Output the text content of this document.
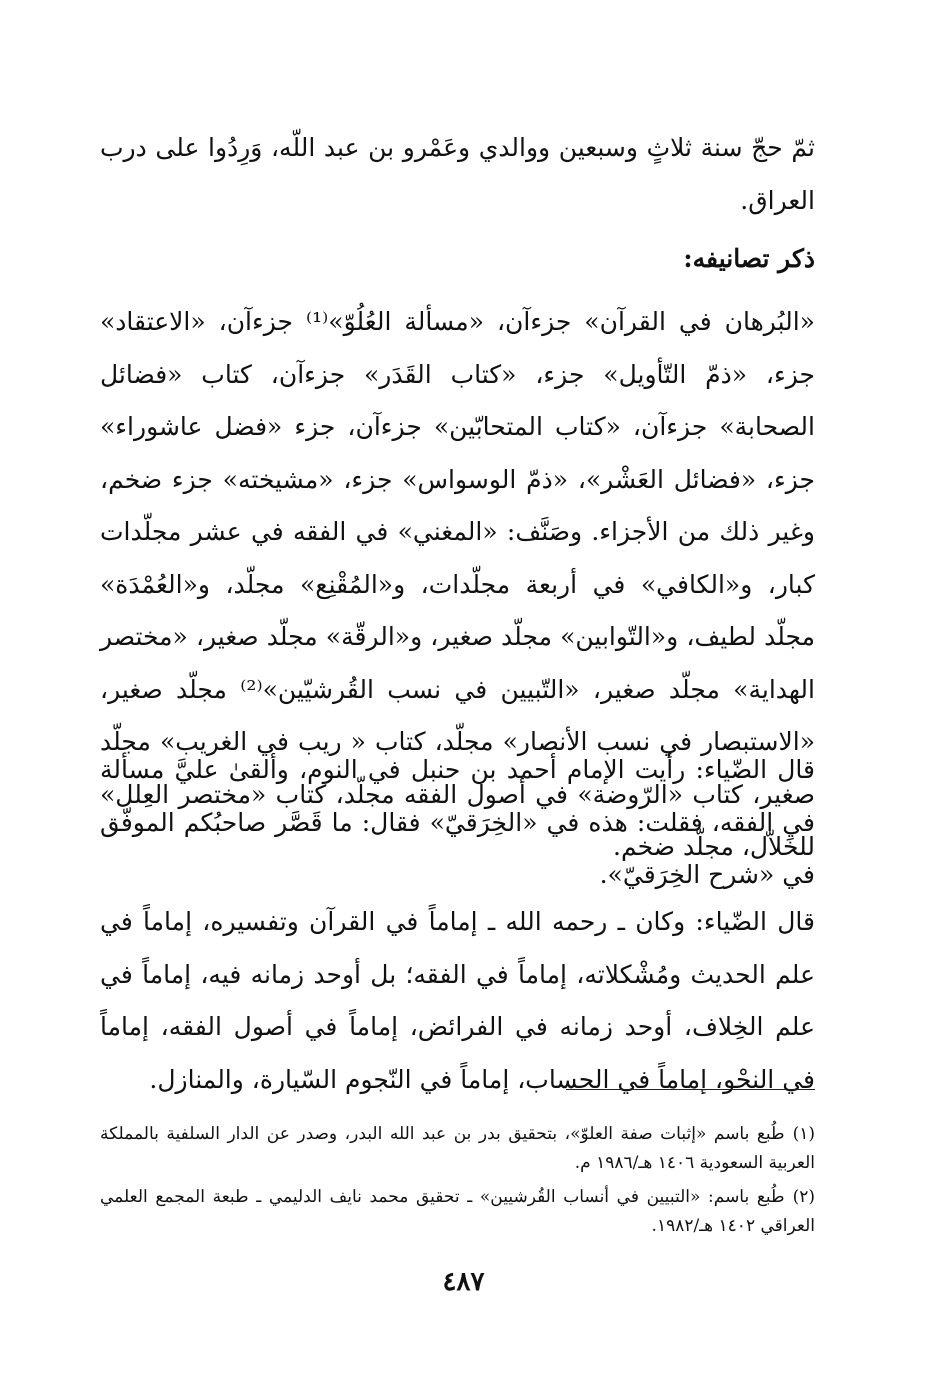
ثمّ حجّ سنة ثلاثٍ وسبعين ووالدي وعَمْرو بن عبد اللّه، وَرِدُوا على درب العراق.

ذكر تصانيفه:

«البُرهان في القرآن» جزءآن، «مسألة العُلُوّ»⁽¹⁾ جزءآن، «الاعتقاد» جزء، «ذمّ التّأويل» جزء، «كتاب القَدَر» جزءآن، كتاب «فضائل الصحابة» جزءآن، «كتاب المتحابّين» جزءآن، جزء «فضل عاشوراء» جزء، «فضائل العَشْر»، «ذمّ الوسواس» جزء، «مشيخته» جزء ضخم، وغير ذلك من الأجزاء. وصَنَّف: «المغني» في الفقه في عشر مجلّدات كبار، و«الكافي» في أربعة مجلّدات، و«المُقْنِع» مجلّد، و«العُمْدَة» مجلّد لطيف، و«التّوابين» مجلّد صغير، و«الرقّة» مجلّد صغير، «مختصر الهداية» مجلّد صغير، «التّبيين في نسب القُرشيّين»⁽²⁾ مجلّد صغير، «الاستبصار في نسب الأنصار» مجلّد، كتاب « ريب في الغريب» مجلّد صغير، كتاب «الرّوضة» في أصول الفقه مجلّد، كتاب «مختصر العِلل» للخَلاّل، مجلّد ضخم.

قال الضّياء: رأيت الإمام أحمد بن حنبل في النوم، وألقىٰ عليَّ مسألة في الفقه، فقلت: هذه في «الخِرَقيّ» فقال: ما قَصَّر صاحبُكم الموفّق في «شرح الخِرَقيّ».

قال الضّياء: وكان ـ رحمه الله ـ إماماً في القرآن وتفسيره، إماماً في علم الحديث ومُشْكلاته، إماماً في الفقه؛ بل أوحد زمانه فيه، إماماً في علم الخِلاف، أوحد زمانه في الفرائض، إماماً في أصول الفقه، إماماً في النحْو، إماماً في الحساب، إماماً في النّجوم السّيارة، والمنازل.

(١)طُبع باسم «إثبات صفة العلوّ»، بتحقيق بدر بن عبد الله البدر، وصدر عن الدار السلفية بالمملكة العربية السعودية ١٤٠٦ هـ/١٩٨٦ م.

(٢)طُبع باسم: «التبيين في أنساب القُرشيين» ـ تحقيق محمد نايف الدليمي ـ طبعة المجمع العلمي العراقي ١٤٠٢ هـ/١٩٨٢.

٤٨٧
